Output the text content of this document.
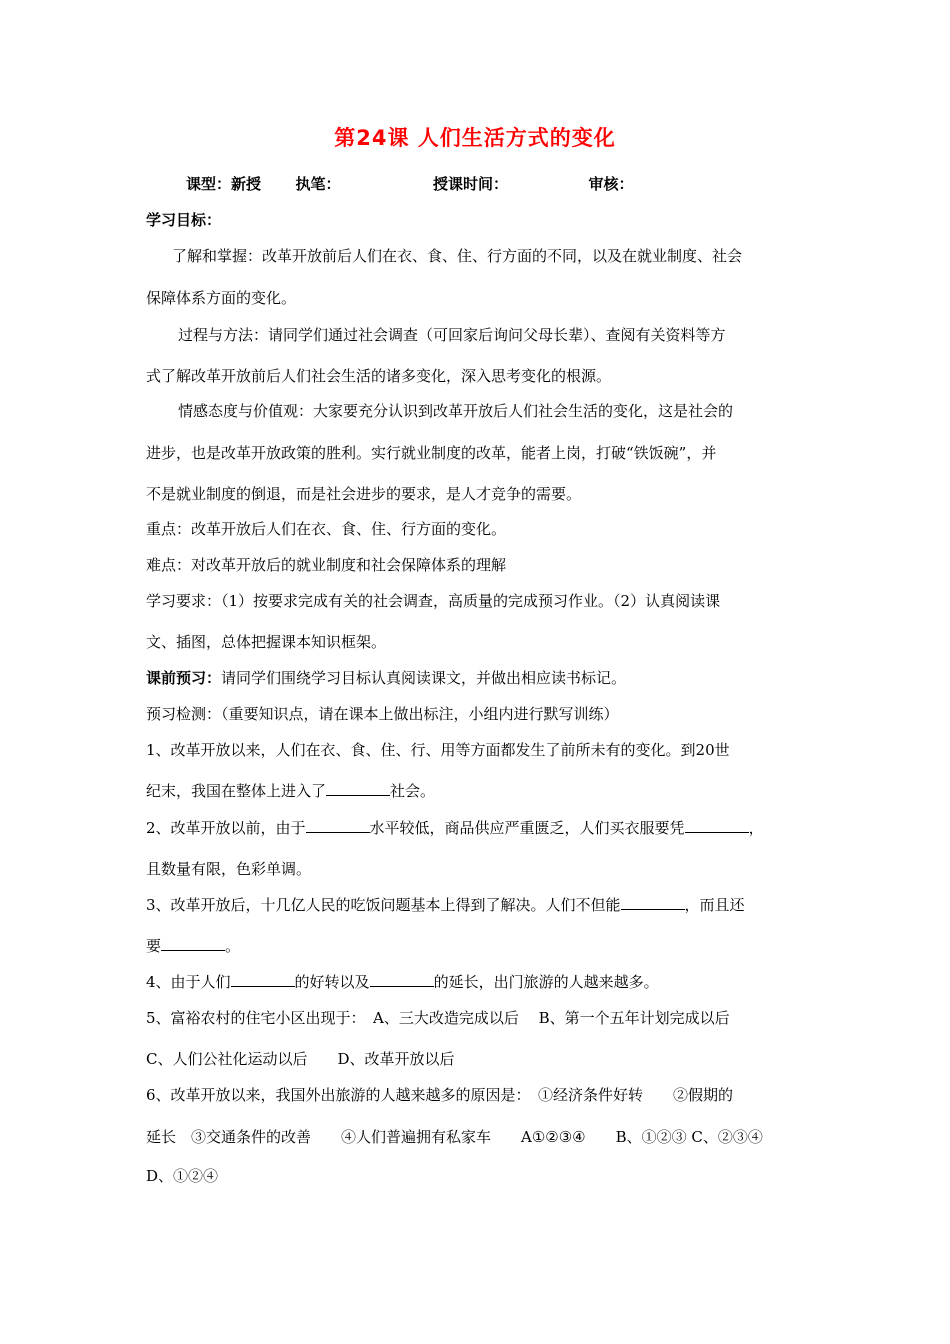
第24课 人们生活方式的变化
课型：新授 执笔：	授课时间：	审核：
学习目标：
了解和掌握：改革开放前后人们在衣、食、住、行方面的不同，以及在就业制度、社会
保障体系方面的变化。
过程与方法：请同学们通过社会调查（可回家后询问父母长辈）、查阅有关资料等方
式了解改革开放前后人们社会生活的诸多变化，深入思考变化的根源。
情感态度与价值观：大家要充分认识到改革开放后人们社会生活的变化，这是社会的
进步，也是改革开放政策的胜利。实行就业制度的改革，能者上岗，打破“铁饭碗”，并
不是就业制度的倒退，而是社会进步的要求，是人才竞争的需要。
重点：改革开放后人们在衣、食、住、行方面的变化。
难点：对改革开放后的就业制度和社会保障体系的理解
学习要求：（1）按要求完成有关的社会调查，高质量的完成预习作业。（2）认真阅读课
文、插图，总体把握课本知识框架。
课前预习：请同学们围绕学习目标认真阅读课文，并做出相应读书标记。
预习检测：（重要知识点，请在课本上做出标注，小组内进行默写训练）
1、改革开放以来，人们在衣、食、住、行、用等方面都发生了前所未有的变化。到20世
纪末，我国在整体上进入了	社会。
2、改革开放以前，由于	水平较低，商品供应严重匮乏，人们买衣服要凭	，
且数量有限，色彩单调。
3、改革开放后，十几亿人民的吃饭问题基本上得到了解决。人们不但能	，而且还
要	。
4、由于人们	的好转以及	的延长，出门旅游的人越来越多。
5、富裕农村的住宅小区出现于：　A、三大改造完成以后　 B、第一个五年计划完成以后
C、人们公社化运动以后　　D、改革开放以后
6、改革开放以来，我国外出旅游的人越来越多的原因是：　①经济条件好转　　②假期的
延长　③交通条件的改善　　④人们普遍拥有私家车　　A①②③④　　B、①②③ C、②③④
D、①②④
